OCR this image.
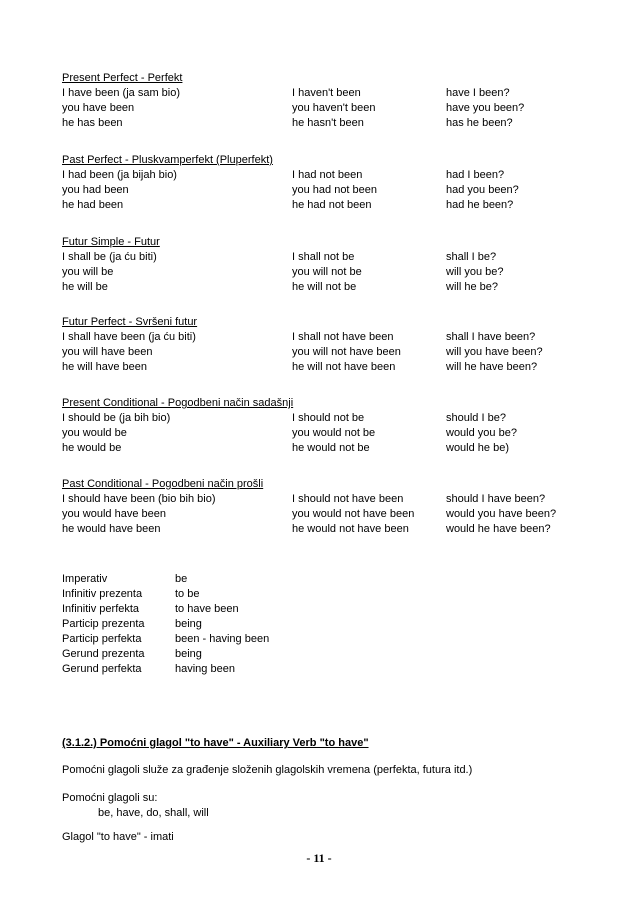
Present Perfect - Perfekt
I have been (ja sam bio)	I haven't been	have I been?
you have been	you haven't been	have you been?
he has been	he hasn't been	has he been?
Past Perfect - Pluskvamperfekt (Pluperfekt)
I had been (ja bijah bio)	I had not been	had I been?
you had been	you had not been	had you been?
he had been	he had not been	had he been?
Futur Simple - Futur
I shall be (ja ću biti)	I shall not be	shall I be?
you will be	you will not be	will you be?
he will be	he will not be	will he be?
Futur Perfect - Svršeni futur
I shall have been (ja ću biti)	I shall not have been	shall I have been?
you will have been	you will not have been	will you have been?
he will have been	he will not have been	will he have been?
Present Conditional - Pogodbeni način sadašnji
I should be (ja bih bio)	I should not be	should I be?
you would be	you would not be	would you be?
he would be	he would not be	would he be)
Past Conditional - Pogodbeni način prošli
I should have been (bio bih bio)	I should not have been	should I have been?
you would have been	you would not have been	would you have been?
he would have been	he would not have been	would he have been?
Imperativ	be
Infinitiv prezenta	to be
Infinitiv perfekta	to have been
Particip prezenta	being
Particip perfekta	been - having been
Gerund prezenta	being
Gerund perfekta	having been
(3.1.2.) Pomoćni glagol "to have" - Auxiliary Verb "to have"
Pomoćni glagoli služe za građenje složenih glagolskih vremena (perfekta, futura itd.)
Pomoćni glagoli su:
be, have, do, shall, will
Glagol "to have" - imati
- 11 -
